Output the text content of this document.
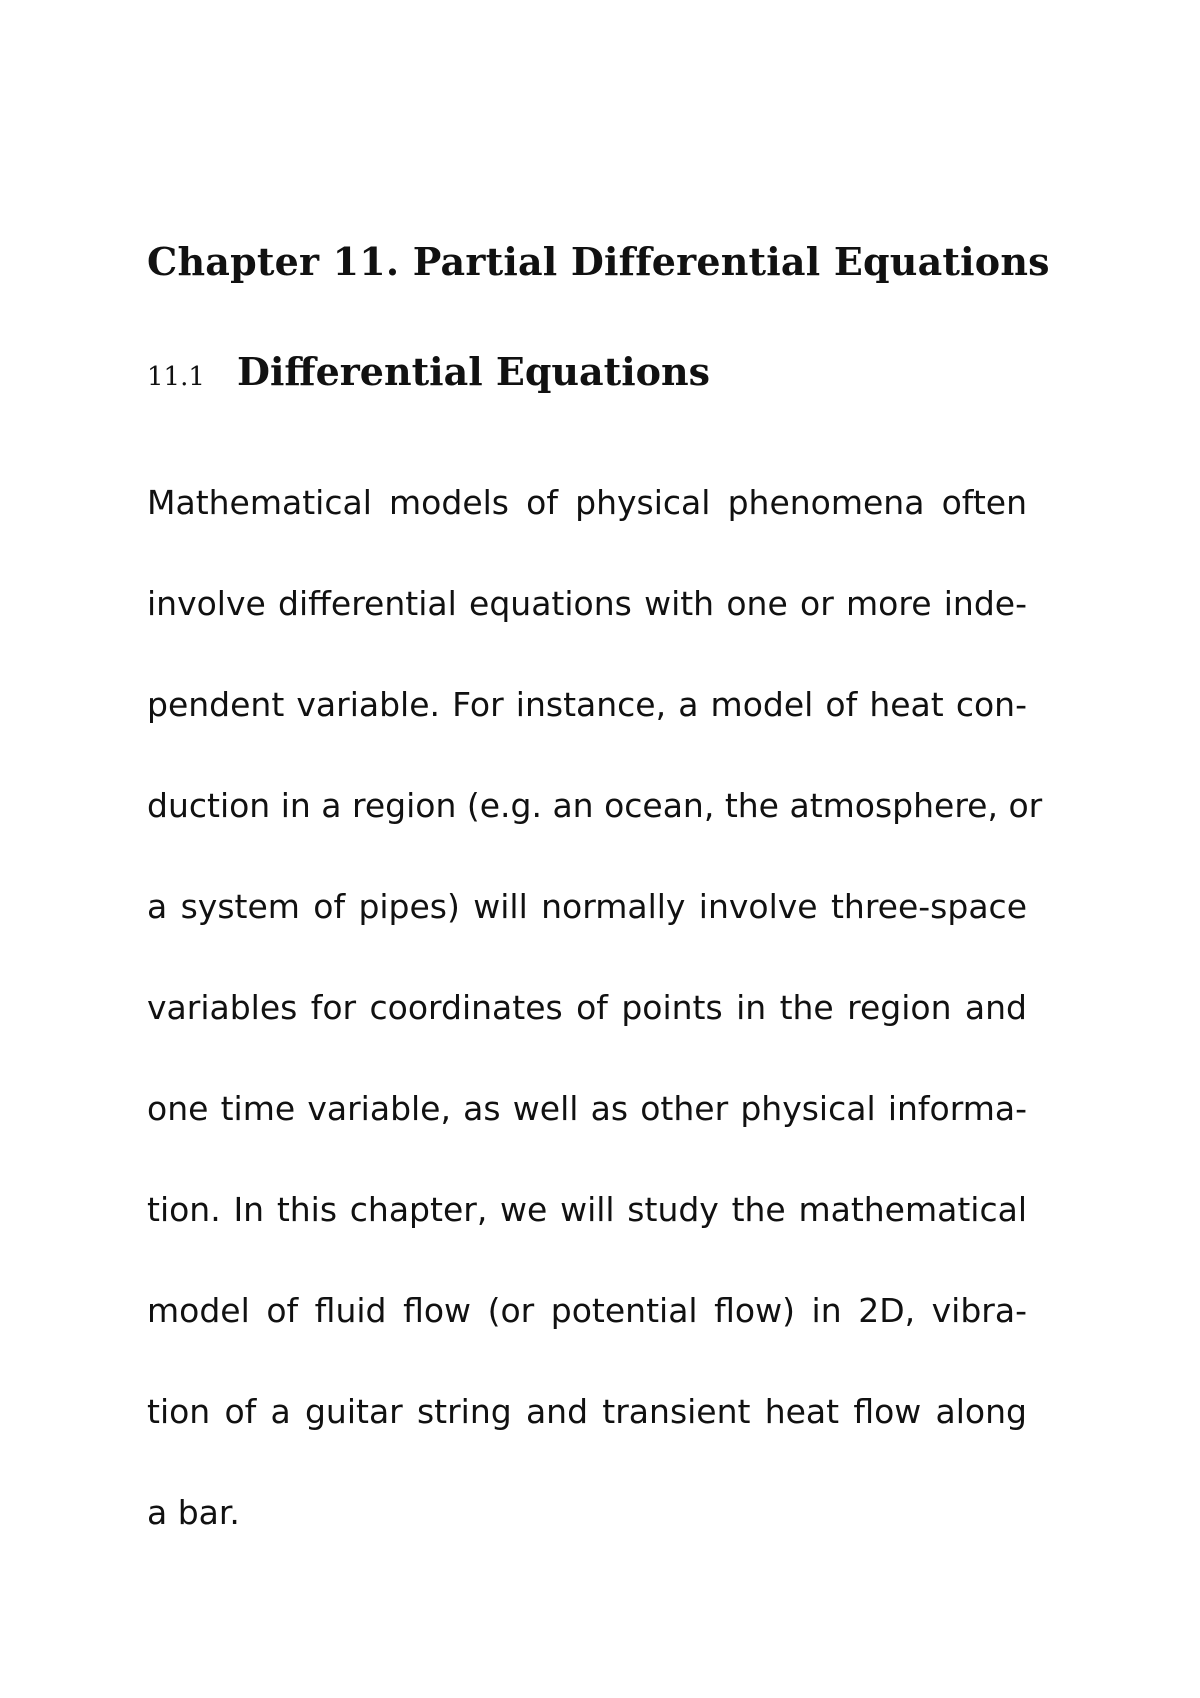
Chapter 11. Partial Differential Equations
11.1 Differential Equations
Mathematical models of physical phenomena often
involve differential equations with one or more inde-
pendent variable. For instance, a model of heat con-
duction in a region (e.g. an ocean, the atmosphere, or
a system of pipes) will normally involve three-space
variables for coordinates of points in the region and
one time variable, as well as other physical informa-
tion. In this chapter, we will study the mathematical
model of fluid flow (or potential flow) in 2D, vibra-
tion of a guitar string and transient heat flow along
a bar.
